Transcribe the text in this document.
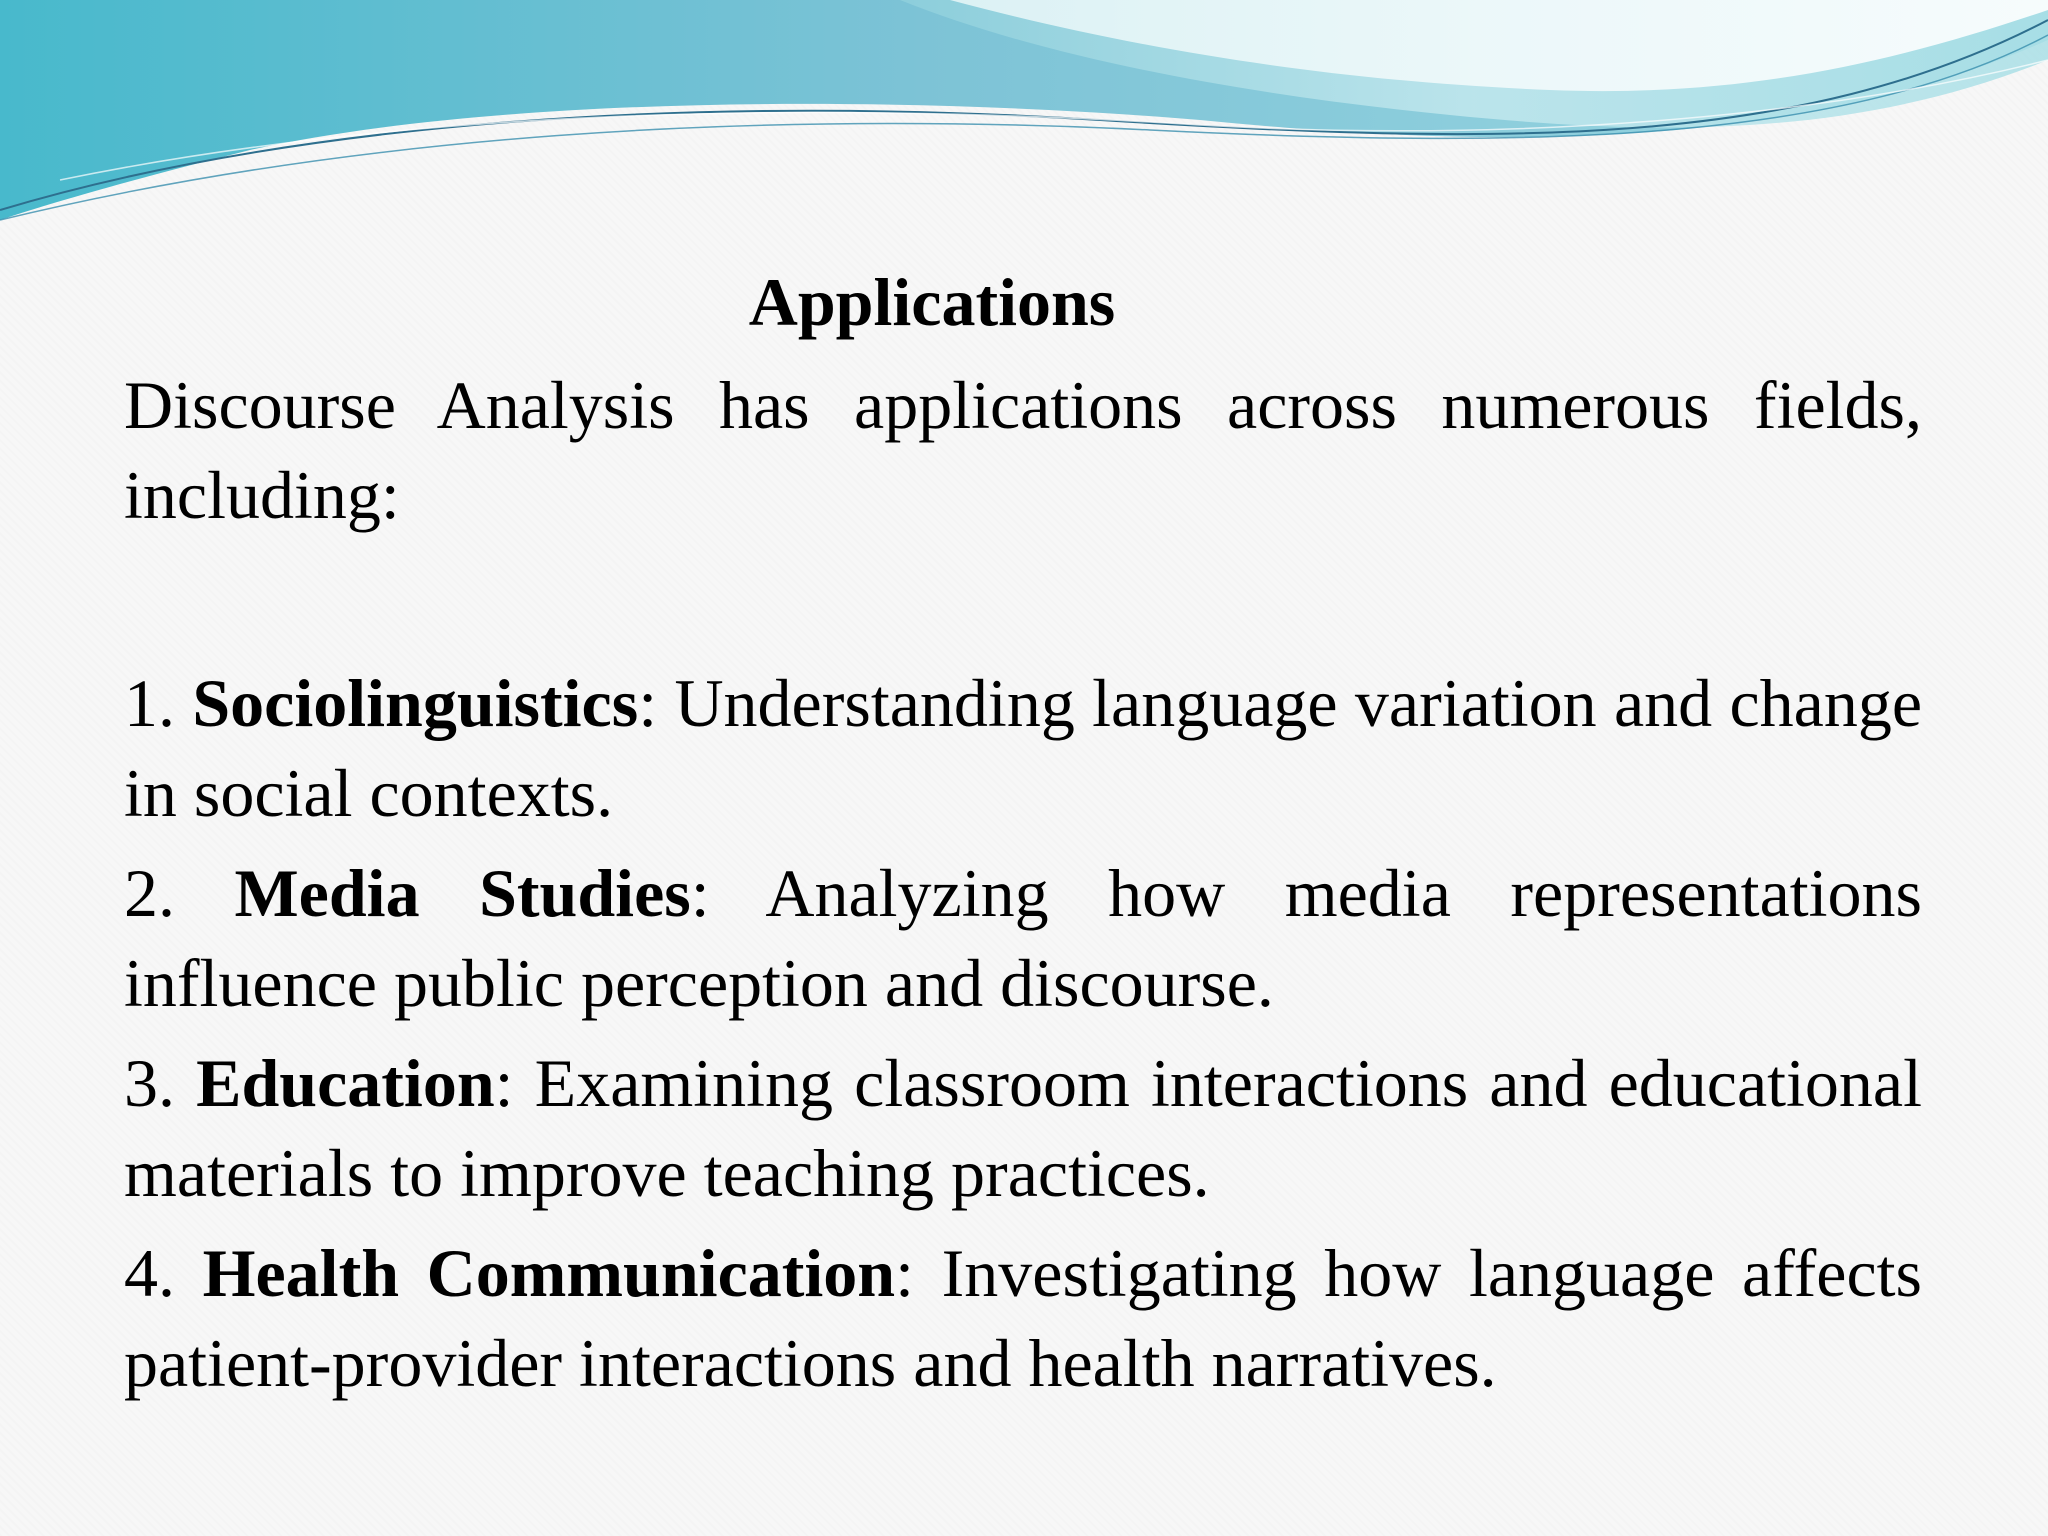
Applications

Discourse Analysis has applications across numerous fields, including:

1. Sociolinguistics: Understanding language variation and change in social contexts.

2. Media Studies: Analyzing how media representations influence public perception and discourse.

3. Education: Examining classroom interactions and educational materials to improve teaching practices.

4. Health Communication: Investigating how language affects patient-provider interactions and health narratives.
